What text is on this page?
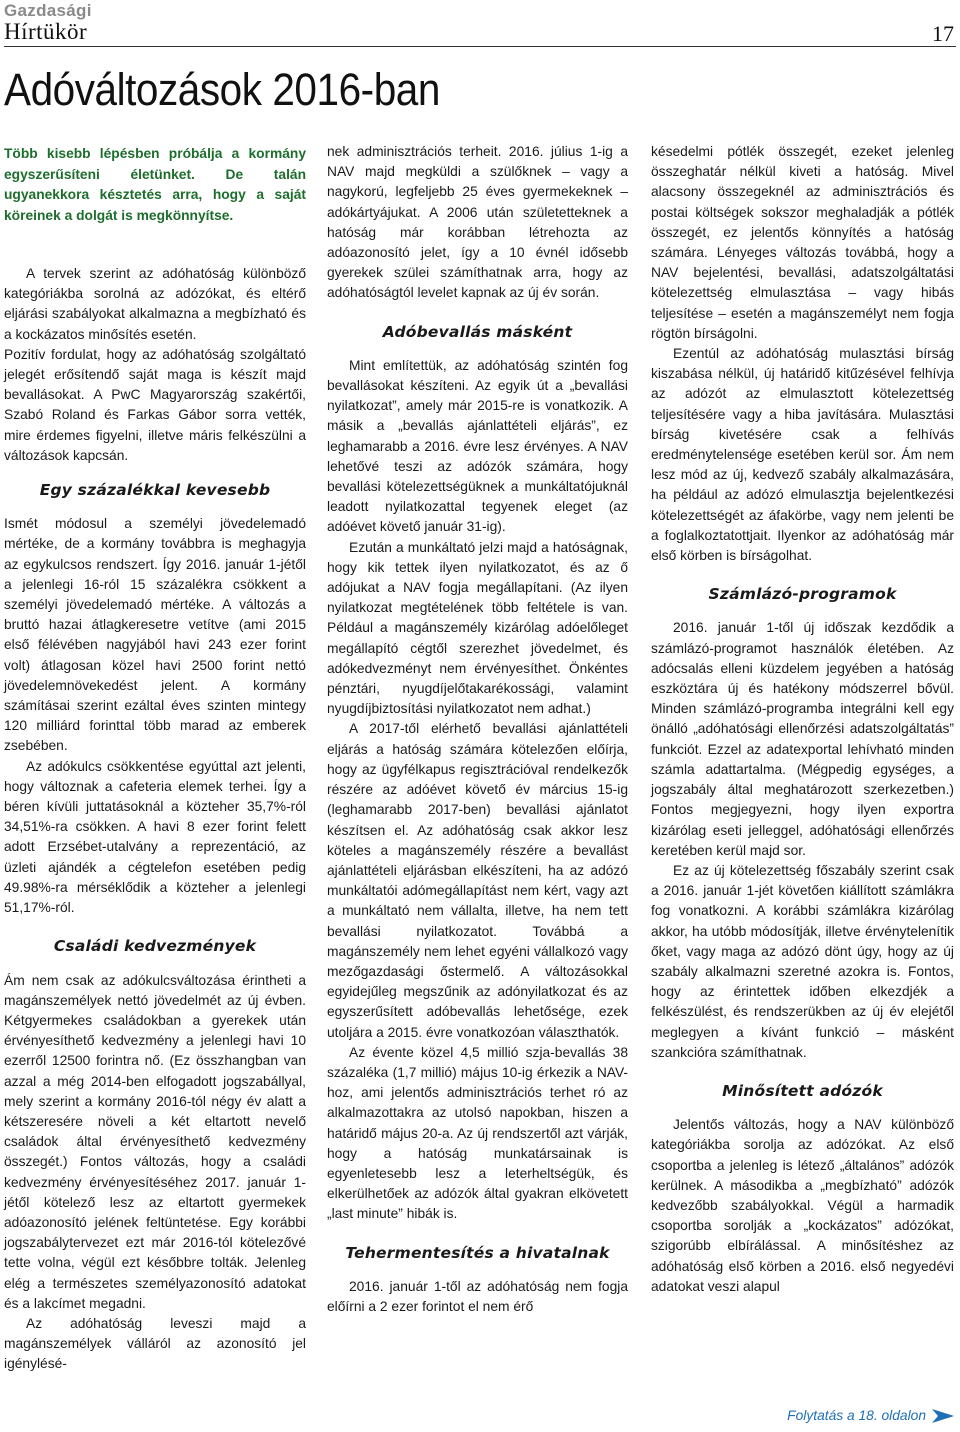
Gazdasági
Hírtükör	17
Adóváltozások 2016-ban

Több kisebb lépésben próbálja a kormány egyszerűsíteni életünket. De talán ugyanekkora késztetés arra, hogy a saját köreinek a dolgát is megkönnyítse.

A tervek szerint az adóhatóság különböző kategóriákba sorolná az adózókat, és eltérő eljárási szabályokat alkalmazna a megbízható és a kockázatos minősítés esetén.

Pozitív fordulat, hogy az adóhatóság szolgáltató jelegét erősítendő saját maga is készít majd bevallásokat. A PwC Magyarország szakértői, Szabó Roland és Farkas Gábor sorra vették, mire érdemes figyelni, illetve máris felkészülni a változások kapcsán.

Egy százalékkal kevesebb

Ismét módosul a személyi jövedelemadó mértéke, de a kormány továbbra is meghagyja az egykulcsos rendszert. Így 2016. január 1-jétől a jelenlegi 16-ról 15 százalékra csökkent a személyi jövedelemadó mértéke. A változás a bruttó hazai átlagkeresetre vetítve (ami 2015 első félévében nagyjából havi 243 ezer forint volt) átlagosan közel havi 2500 forint nettó jövedelemnövekedést jelent. A kormány számításai szerint ezáltal éves szinten mintegy 120 milliárd forinttal több marad az emberek zsebében.

Az adókulcs csökkentése egyúttal azt jelenti, hogy változnak a cafeteria elemek terhei. Így a béren kívüli juttatásoknál a közteher 35,7%-ról 34,51%-ra csökken. A havi 8 ezer forint felett adott Erzsébet-utalvány a reprezentáció, az üzleti ajándék a cégtelefon esetében pedig 49.98%-ra mérséklődik a közteher a jelenlegi 51,17%-ról.

Családi kedvezmények

Ám nem csak az adókulcsváltozása érintheti a magánszemélyek nettó jövedelmét az új évben. Kétgyermekes családokban a gyerekek után érvényesíthető kedvezmény a jelenlegi havi 10 ezerről 12500 forintra nő. (Ez összhangban van azzal a még 2014-ben elfogadott jogszabállyal, mely szerint a kormány 2016-tól négy év alatt a kétszeresére növeli a két eltartott nevelő családok által érvényesíthető kedvezmény összegét.) Fontos változás, hogy a családi kedvezmény érvényesítéséhez 2017. január 1-jétől kötelező lesz az eltartott gyermekek adóazonosító jelének feltüntetése. Egy korábbi jogszabálytervezet ezt már 2016-tól kötelezővé tette volna, végül ezt későbbre tolták. Jelenleg elég a természetes személyazonosító adatokat és a lakcímet megadni.

Az adóhatóság leveszi majd a magánszemélyek válláról az azonosító jel igénylésé-

nek adminisztrációs terheit. 2016. július 1-ig a NAV majd megküldi a szülőknek – vagy a nagykorú, legfeljebb 25 éves gyermekeknek – adókártyájukat. A 2006 után születetteknek a hatóság már korábban létrehozta az adóazonosító jelet, így a 10 évnél idősebb gyerekek szülei számíthatnak arra, hogy az adóhatóságtól levelet kapnak az új év során.

Adóbevallás másként

Mint említettük, az adóhatóság szintén fog bevallásokat készíteni. Az egyik út a „bevallási nyilatkozat”, amely már 2015-re is vonatkozik. A másik a „bevallás ajánlattételi eljárás”, ez leghamarabb a 2016. évre lesz érvényes. A NAV lehetővé teszi az adózók számára, hogy bevallási kötelezettségüknek a munkáltatójuknál leadott nyilatkozattal tegyenek eleget (az adóévet követő január 31-ig).

Ezután a munkáltató jelzi majd a hatóságnak, hogy kik tettek ilyen nyilatkozatot, és az ő adójukat a NAV fogja megállapítani. (Az ilyen nyilatkozat megtételének több feltétele is van. Például a magánszemély kizárólag adóelőleget megállapító cégtől szerezhet jövedelmet, és adókedvezményt nem érvényesíthet. Önkéntes pénztári, nyugdíjelőtakarékossági, valamint nyugdíjbiztosítási nyilatkozatot nem adhat.)

A 2017-től elérhető bevallási ajánlattételi eljárás a hatóság számára kötelezően előírja, hogy az ügyfélkapus regisztrációval rendelkezők részére az adóévet követő év március 15-ig (leghamarabb 2017-ben) bevallási ajánlatot készítsen el. Az adóhatóság csak akkor lesz köteles a magánszemély részére a bevallást ajánlattételi eljárásban elkészíteni, ha az adózó munkáltatói adómegállapítást nem kért, vagy azt a munkáltató nem vállalta, illetve, ha nem tett bevallási nyilatkozatot. Továbbá a magánszemély nem lehet egyéni vállalkozó vagy mezőgazdasági őstermelő. A változásokkal egyidejűleg megszűnik az adónyilatkozat és az egyszerűsített adóbevallás lehetősége, ezek utoljára a 2015. évre vonatkozóan választhatók.

Az évente közel 4,5 millió szja-bevallás 38 százaléka (1,7 millió) május 10-ig érkezik a NAV-hoz, ami jelentős adminisztrációs terhet ró az alkalmazottakra az utolsó napokban, hiszen a határidő május 20-a. Az új rendszertől azt várják, hogy a hatóság munkatársainak is egyenletesebb lesz a leterheltségük, és elkerülhetőek az adózók által gyakran elkövetett „last minute” hibák is.

Tehermentesítés a hivatalnak

2016. január 1-től az adóhatóság nem fogja előírni a 2 ezer forintot el nem érő

késedelmi pótlék összegét, ezeket jelenleg összeghatár nélkül kiveti a hatóság. Mivel alacsony összegeknél az adminisztrációs és postai költségek sokszor meghaladják a pótlék összegét, ez jelentős könnyítés a hatóság számára. Lényeges változás továbbá, hogy a NAV bejelentési, bevallási, adatszolgáltatási kötelezettség elmulasztása – vagy hibás teljesítése – esetén a magánszemélyt nem fogja rögtön bírságolni.

Ezentúl az adóhatóság mulasztási bírság kiszabása nélkül, új határidő kitűzésével felhívja az adózót az elmulasztott kötelezettség teljesítésére vagy a hiba javítására. Mulasztási bírság kivetésére csak a felhívás eredménytelensége esetében kerül sor. Ám nem lesz mód az új, kedvező szabály alkalmazására, ha például az adózó elmulasztja bejelentkezési kötelezettségét az áfakörbe, vagy nem jelenti be a foglalkoztatottjait. Ilyenkor az adóhatóság már első körben is bírságolhat.

Számlázó-programok

2016. január 1-től új időszak kezdődik a számlázó-programot használók életében. Az adócsalás elleni küzdelem jegyében a hatóság eszköztára új és hatékony módszerrel bővül. Minden számlázó-programba integrálni kell egy önálló „adóhatósági ellenőrzési adatszolgáltatás” funkciót. Ezzel az adatexportal lehívható minden számla adattartalma. (Mégpedig egységes, a jogszabály által meghatározott szerkezetben.) Fontos megjegyezni, hogy ilyen exportra kizárólag eseti jelleggel, adóhatósági ellenőrzés keretében kerül majd sor.

Ez az új kötelezettség főszabály szerint csak a 2016. január 1-jét követően kiállított számlákra fog vonatkozni. A korábbi számlákra kizárólag akkor, ha utóbb módosítják, illetve érvénytelenítik őket, vagy maga az adózó dönt úgy, hogy az új szabály alkalmazni szeretné azokra is. Fontos, hogy az érintettek időben elkezdjék a felkészülést, és rendszerükben az új év elejétől meglegyen a kívánt funkció – másként szankcióra számíthatnak.

Minősített adózók

Jelentős változás, hogy a NAV különböző kategóriákba sorolja az adózókat. Az első csoportba a jelenleg is létező „általános” adózók kerülnek. A másodikba a „megbízható” adózók kedvezőbb szabályokkal. Végül a harmadik csoportba sorolják a „kockázatos” adózókat, szigorúbb elbírálással. A minősítéshez az adóhatóság első körben a 2016. első negyedévi adatokat veszi alapul

Folytatás a 18. oldalon
